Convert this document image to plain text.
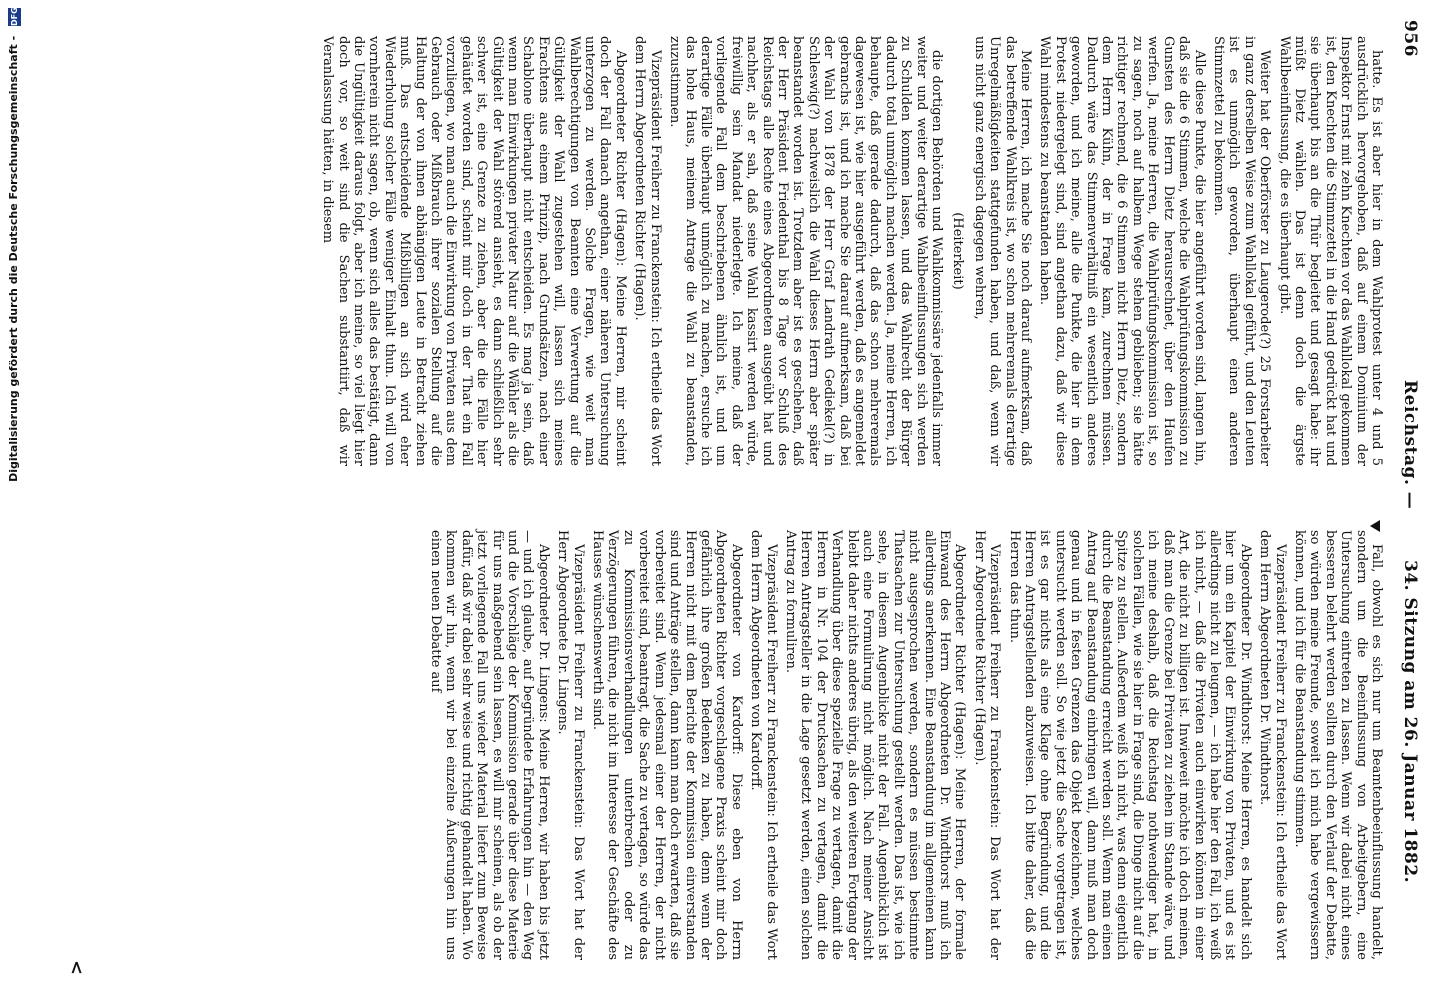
956
Reichstag. —
34. Sitzung am 26. Januar 1882.

hatte. Es ist aber hier in dem Wahlprotest unter 4 und 5 ausdrücklich hervorgehoben, daß auf einem Dominium der Inspektor Ernst mit zehn Knechten vor das Wahllokal gekommen ist, den Knechten die Stimmzettel in die Hand gedrückt hat und sie überhaupt bis an die Thür begleitet und gesagt habe: ihr müßt Dietz wählen. Das ist denn doch die ärgste Wahlbeeinflussung, die es überhaupt gibt.

Weiter hat der Oberförster zu Laugerode(?) 25 Forstarbeiter in ganz derselben Weise zum Wahllokal geführt, und den Leuten ist es unmöglich geworden, überhaupt einen anderen Stimmzettel zu bekommen.

Alle diese Punkte, die hier angeführt worden sind, langen hin, daß sie die 6 Stimmen, welche die Wahlprüfungskommission zu Gunsten des Herrn Dietz herausrechnet, über den Haufen werfen. Ja, meine Herren, die Wahlprüfungskommission ist, so zu sagen, noch auf halbem Wege stehen geblieben; sie hätte richtiger rechnend, die 6 Stimmen nicht Herrn Dietz, sondern dem Herrn Kühn, der in Frage kam, zurechnen müssen. Dadurch wäre das Stimmenverhältniß ein wesentlich anderes geworden, und ich meine, alle die Punkte, die hier in dem Protest niedergelegt sind, sind angethan dazu, daß wir diese Wahl mindestens zu beanstanden haben.

Meine Herren, ich mache Sie noch darauf aufmerksam, daß das betreffende Wahlkreis ist, wo schon mehreremals derartige Unregelmäßigkeiten stattgefunden haben, und daß, wenn wir uns nicht ganz energisch dagegen wehren,

(Heiterkeit)

die dortigen Behörden und Wahlkommissäre jedenfalls immer weiter und weiter derartige Wahlbeeinflussungen sich werden zu Schulden kommen lassen, und das Wahlrecht der Bürger dadurch total unmöglich machen werden. Ja, meine Herren, ich behaupte, daß gerade dadurch, daß das schon mehreremals dagewesen ist, wie hier ausgeführt werden, daß es angemeldet gebranchs ist, und ich mache Sie darauf aufmerksam, daß bei der Wahl von 1878 der Herr Graf Landrath Gediekel(?) in Schleswig(?) nachweislich die Wahl dieses Herrn aber später beanstandet worden ist. Trotzdem aber ist es geschehen, daß der Herr Präsident Friedenthal bis 8 Tage vor Schluß des Reichstags alle Rechte eines Abgeordneten ausgeübt hat und nachher, als er sah, daß seine Wahl kassirt werden würde, freiwillig sein Mandat niederlegte. Ich meine, daß der vorliegende Fall dem beschriebenen ähnlich ist, und um derartige Fälle überhaupt unmöglich zu machen, ersuche ich das hohe Haus, meinem Antrage die Wahl zu beanstanden, zuzustimmen.

Vizepräsident Freiherr zu Franckenstein: Ich ertheile das Wort dem Herrn Abgeordneten Richter (Hagen).

Abgeordneter Richter (Hagen): Meine Herren, mir scheint doch der Fall danach angethan, einer näheren Untersuchung unterzogen zu werden. Solche Fragen, wie weit man Wahlberechtigungen von Beamten eine Verwertung auf die Gültigkeit der Wahl zugestehen will, lassen sich meines Erachtens aus einem Prinzip, nach Grundsätzen, nach einer Schablone überhaupt nicht entscheiden. Es mag ja sein, daß wenn man Einwirkungen privater Natur auf die Wähler als die Gültigkeit der Wahl störend ansieht, es dann schließlich sehr schwer ist, eine Grenze zu ziehen, aber die die Fälle hier gehäufet worden sind, scheint mir doch in der That ein Fall vorzuliegen, wo man auch die Einwirkung von Privaten aus dem Gebrauch oder Mißbrauch ihrer sozialen Stellung auf die Haltung der von ihnen abhängigen Leute in Betracht ziehen muß. Das entscheidende Mißbilligen an sich wird eher Wiederholung solcher Fälle weniger Einhalt thun. Ich will von vornherein nicht sagen, ob, wenn sich alles das bestätigt, dann die Ungültigkeit daraus folgt, aber ich meine, so viel liegt hier doch vor, so weit sind die Sachen substantiirt, daß wir Veranlassung hätten, in diesem

Fall, obwohl es sich nur um Beamtenbeeinflussung handelt, sondern um die Beeinflussung von Arbeitgebern, eine Untersuchung eintreten zu lassen. Wenn wir dabei nicht eines besseren belehrt werden sollten durch den Verlauf der Debatte, so würden meine Freunde, soweit ich mich habe vergewissern können, und ich für die Beanstandung stimmen.

Vizepräsident Freiherr zu Franckenstein: Ich ertheile das Wort dem Herrn Abgeordneten Dr. Windthorst.

Abgeordneter Dr. Windthorst: Meine Herren, es handelt sich hier um ein Kapitel der Einwirkung von Privaten, und es ist allerdings nicht zu leugnen, — ich habe hier den Fall, ich weiß ich nicht, — daß die Privaten auch einwirken können in einer Art, die nicht zu billigen ist. Inwieweit möchte ich doch meinen, daß man die Grenze bei Privaten zu ziehen im Stande wäre, und ich meine deshalb, daß die Reichstag nothwendiger hat, in solchen Fällen, wie sie hier in Frage sind, die Dinge nicht auf die Spitze zu stellen. Außerdem weiß ich nicht, was denn eigentlich durch die Beanstandung erreicht werden soll. Wenn man einen Antrag auf Beanstandung einbringen will, dann muß man doch genau und in festen Grenzen das Objekt bezeichnen, welches untersucht werden soll. So wie jetzt die Sache vorgetragen ist, ist es gar nichts als eine Klage ohne Begründung, und die Herren Antragstellenden abzuweisen. Ich bitte daher, daß die Herren das thun.

Vizepräsident Freiherr zu Franckenstein: Das Wort hat der Herr Abgeordnete Richter (Hagen).

Abgeordneter Richter (Hagen): Meine Herren, der formale Einwand des Herrn Abgeordneten Dr. Windthorst muß ich allerdings anerkennen. Eine Beanstandung im allgemeinen kann nicht ausgesprochen werden, sondern es müssen bestimmte Thatsachen zur Untersuchung gestellt werden. Das ist, wie ich sehe, in diesem Augenblicke nicht der Fall. Augenblicklich ist auch eine Formulirung nicht möglich. Nach meiner Ansicht bleibt daher nichts anderes übrig, als den weiteren Fortgang der Verhandlung über diese spezielle Frage zu vertagen, damit die Herren in Nr. 104 der Drucksachen zu vertagen, damit die Herren Antragsteller in die Lage gesetzt werden, einen solchen Antrag zu formuliren.

Vizepräsident Freiherr zu Franckenstein: Ich ertheile das Wort dem Herrn Abgeordneten von Kardorff.

Abgeordneter von Kardorff: Diese eben von Herrn Abgeordneten Richter vorgeschlagene Praxis scheint mir doch gefährlich ihre großen Bedenken zu haben, denn wenn der Herren nicht mit dem Berichte der Kommission einverstanden sind und Anträge stellen, dann kann man doch erwarten, daß sie vorbereitet sind. Wenn jedesmal einer der Herren, der nicht vorbereitet sind, beantragt, die Sache zu vertagen, so würde das zu Kommissionsverhandlungen unterbrechen oder zu Verzögerungen führen, die nicht im Interesse der Geschäfte des Hauses wünschenswerth sind.

Vizepräsident Freiherr zu Franckenstein: Das Wort hat der Herr Abgeordnete Dr. Lingens.

Abgeordneter Dr. Lingens: Meine Herren, wir haben bis jetzt — und ich glaube, auf begründete Erfahrungen hin — den Weg und die Vorschläge der Kommission gerade über diese Materie für uns maßgebend sein lassen, es will mir scheinen, als ob der jetzt vorliegende Fall uns wieder Material liefert zum Beweise dafür, daß wir dabei sehr weise und richtig gehandelt haben. Wo kommen wir hin, wenn wir bei einzelne Äußerungen hin uns einen neuen Debatte auf

<
Digitalisierung gefördert durch die Deutsche Forschungsgemeinschaft - DFG
